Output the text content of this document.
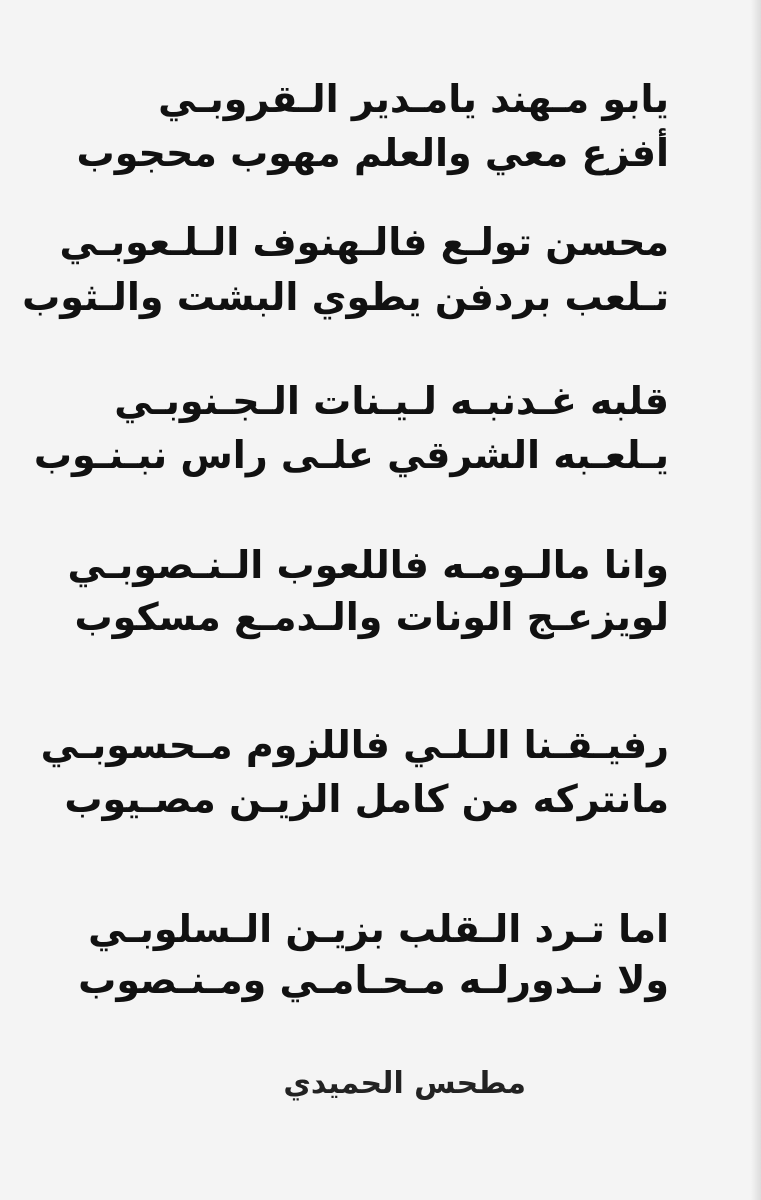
يابو مـهند يامـدير الـقروبـي
أفزع معي والعلم مهوب محجوب
محسن تولـع فالـهنوف الـلـعوبـي
تـلعب بردفن يطوي البشت والـثوب
قلبه غـدنبـه لـيـنات الـجـنوبـي
يـلعـبه الشرقي علـى راس نبـنـوب
وانا مالـومـه فاللعوب الـنـصوبـي
لويزعـج الونات والـدمـع مسكوب
رفيـقـنا الـلـي فاللزوم مـحسوبـي
مانتركه من كامل الزيـن مصـيوب
اما تـرد الـقلب بزيـن الـسلوبـي
ولا نـدورلـه مـحـامـي ومـنـصوب
مطحس الحميدي
